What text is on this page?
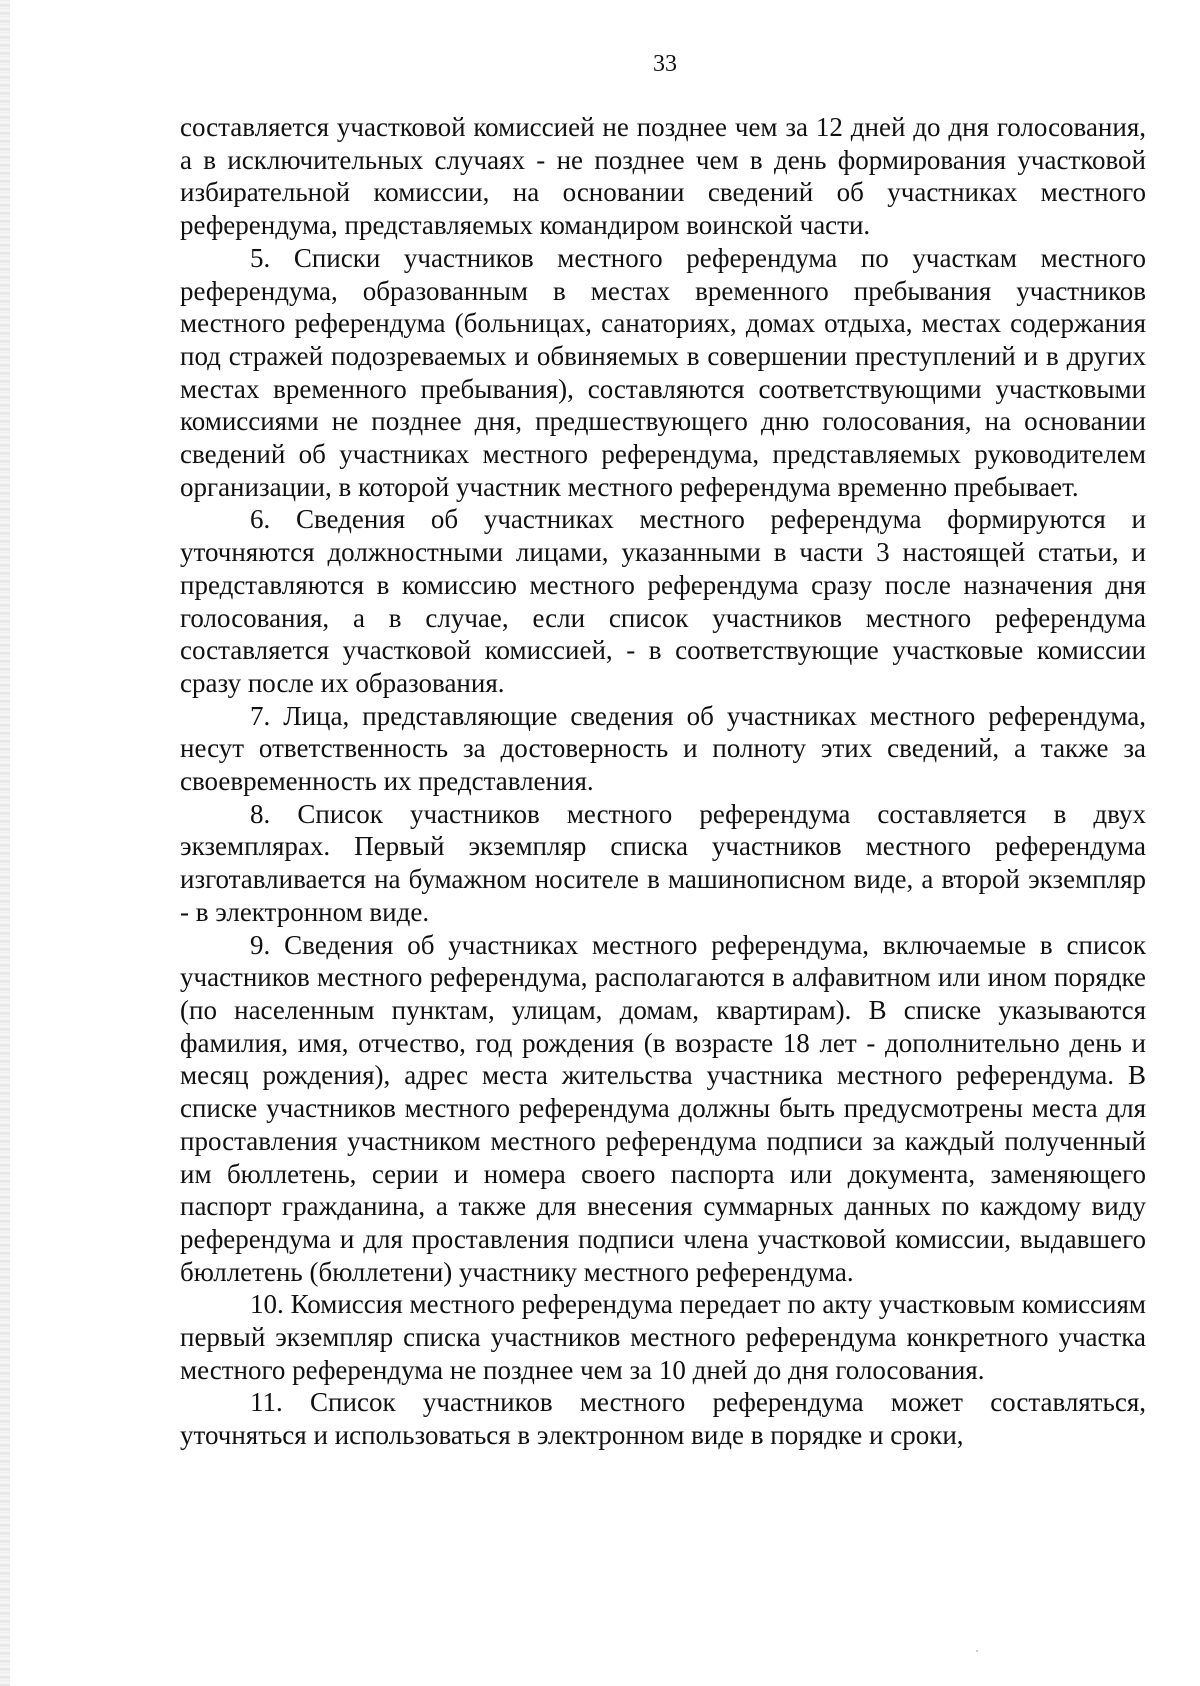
33

составляется участковой комиссией не позднее чем за 12 дней до дня голосования, а в исключительных случаях - не позднее чем в день формирования участковой избирательной комиссии, на основании сведений об участниках местного референдума, представляемых командиром воинской части.

5. Списки участников местного референдума по участкам местного референдума, образованным в местах временного пребывания участников местного референдума (больницах, санаториях, домах отдыха, местах содержания под стражей подозреваемых и обвиняемых в совершении преступлений и в других местах временного пребывания), составляются соответствующими участковыми комиссиями не позднее дня, предшествующего дню голосования, на основании сведений об участниках местного референдума, представляемых руководителем организации, в которой участник местного референдума временно пребывает.

6. Сведения об участниках местного референдума формируются и уточняются должностными лицами, указанными в части 3 настоящей статьи, и представляются в комиссию местного референдума сразу после назначения дня голосования, а в случае, если список участников местного референдума составляется участковой комиссией, - в соответствующие участковые комиссии сразу после их образования.

7. Лица, представляющие сведения об участниках местного референдума, несут ответственность за достоверность и полноту этих сведений, а также за своевременность их представления.

8. Список участников местного референдума составляется в двух экземплярах. Первый экземпляр списка участников местного референдума изготавливается на бумажном носителе в машинописном виде, а второй экземпляр - в электронном виде.

9. Сведения об участниках местного референдума, включаемые в список участников местного референдума, располагаются в алфавитном или ином порядке (по населенным пунктам, улицам, домам, квартирам). В списке указываются фамилия, имя, отчество, год рождения (в возрасте 18 лет - дополнительно день и месяц рождения), адрес места жительства участника местного референдума. В списке участников местного референдума должны быть предусмотрены места для проставления участником местного референдума подписи за каждый полученный им бюллетень, серии и номера своего паспорта или документа, заменяющего паспорт гражданина, а также для внесения суммарных данных по каждому виду референдума и для проставления подписи члена участковой комиссии, выдавшего бюллетень (бюллетени) участнику местного референдума.

10. Комиссия местного референдума передает по акту участковым комиссиям первый экземпляр списка участников местного референдума конкретного участка местного референдума не позднее чем за 10 дней до дня голосования.

11. Список участников местного референдума может составляться, уточняться и использоваться в электронном виде в порядке и сроки,
